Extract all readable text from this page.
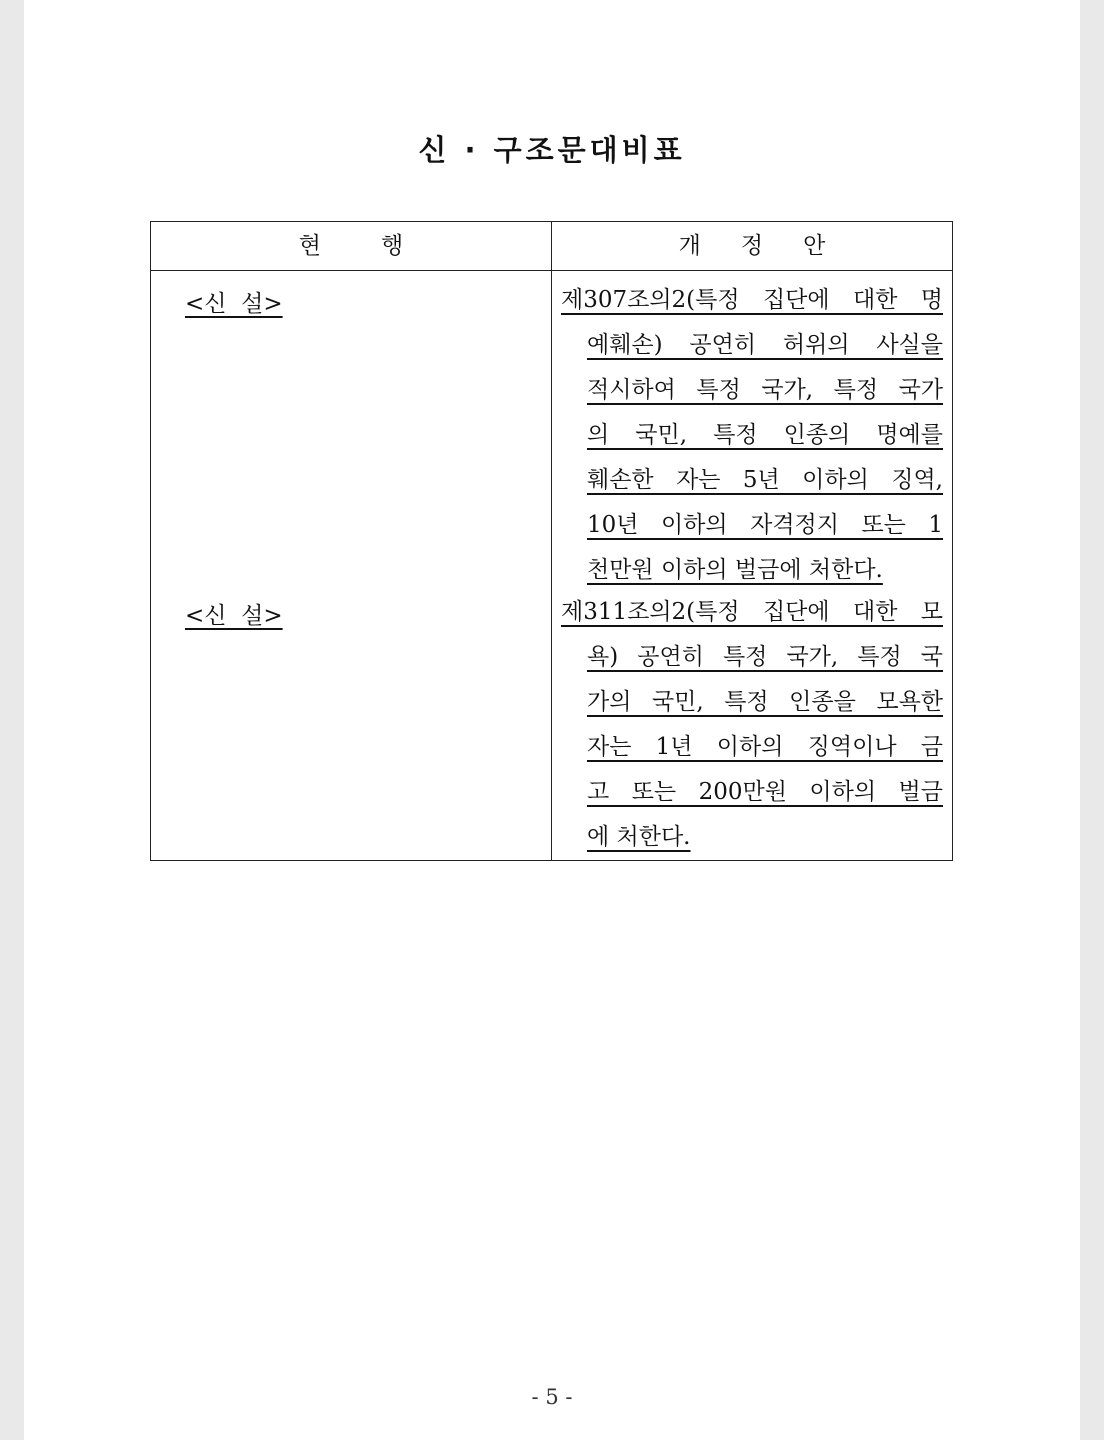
신 · 구조문대비표
현	행	개 정 안
<신  설>	제307조의2(특정 집단에 대한 명
예훼손) 공연히 허위의 사실을
적시하여 특정 국가, 특정 국가
의 국민, 특정 인종의 명예를
훼손한 자는 5년 이하의 징역,
10년 이하의 자격정지 또는 1
천만원 이하의 벌금에 처한다.
<신  설>	제311조의2(특정 집단에 대한 모
욕) 공연히 특정 국가, 특정 국
가의 국민, 특정 인종을 모욕한
자는 1년 이하의 징역이나 금
고 또는 200만원 이하의 벌금
에 처한다.
- 5 -
